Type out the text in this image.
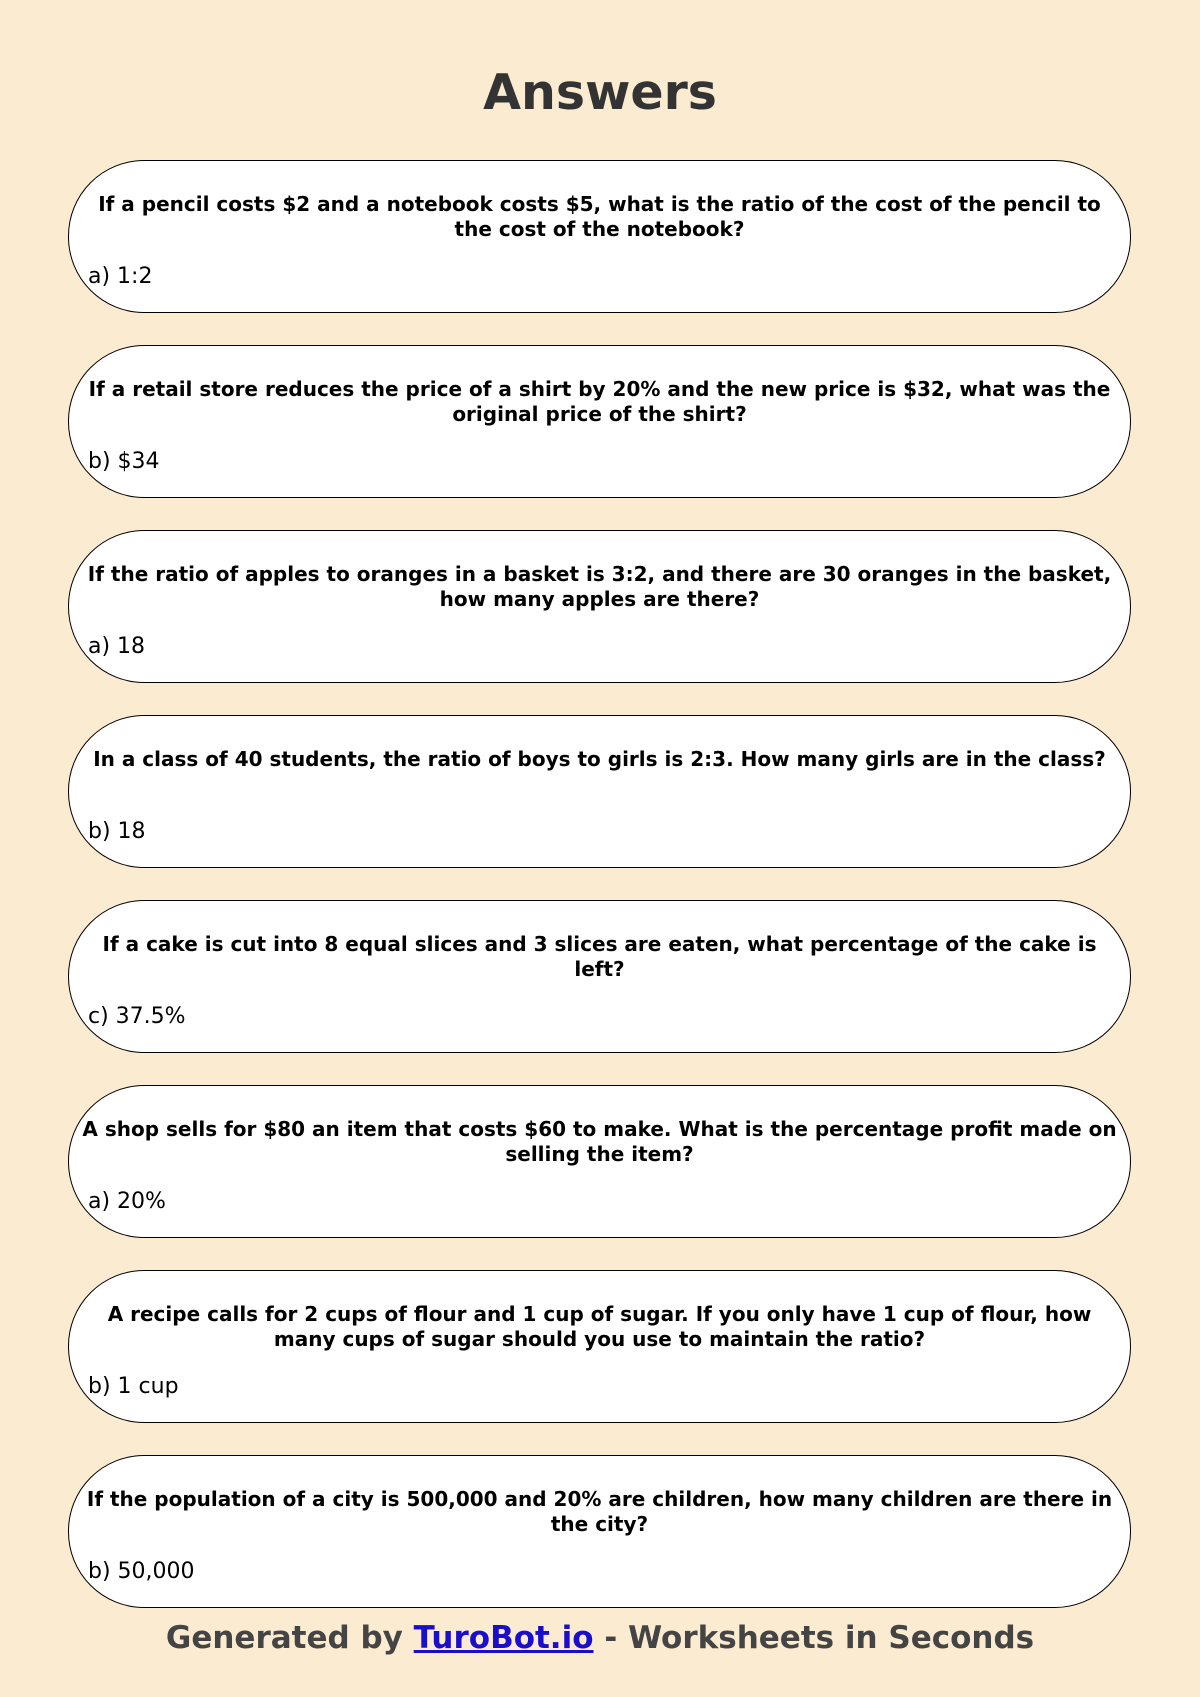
Answers
If a pencil costs $2 and a notebook costs $5, what is the ratio of the cost of the pencil to the cost of the notebook?
a) 1:2
If a retail store reduces the price of a shirt by 20% and the new price is $32, what was the original price of the shirt?
b) $34
If the ratio of apples to oranges in a basket is 3:2, and there are 30 oranges in the basket, how many apples are there?
a) 18
In a class of 40 students, the ratio of boys to girls is 2:3. How many girls are in the class?
b) 18
If a cake is cut into 8 equal slices and 3 slices are eaten, what percentage of the cake is left?
c) 37.5%
A shop sells for $80 an item that costs $60 to make. What is the percentage profit made on selling the item?
a) 20%
A recipe calls for 2 cups of flour and 1 cup of sugar. If you only have 1 cup of flour, how many cups of sugar should you use to maintain the ratio?
b) 1 cup
If the population of a city is 500,000 and 20% are children, how many children are there in the city?
b) 50,000
Generated by TuroBot.io - Worksheets in Seconds
